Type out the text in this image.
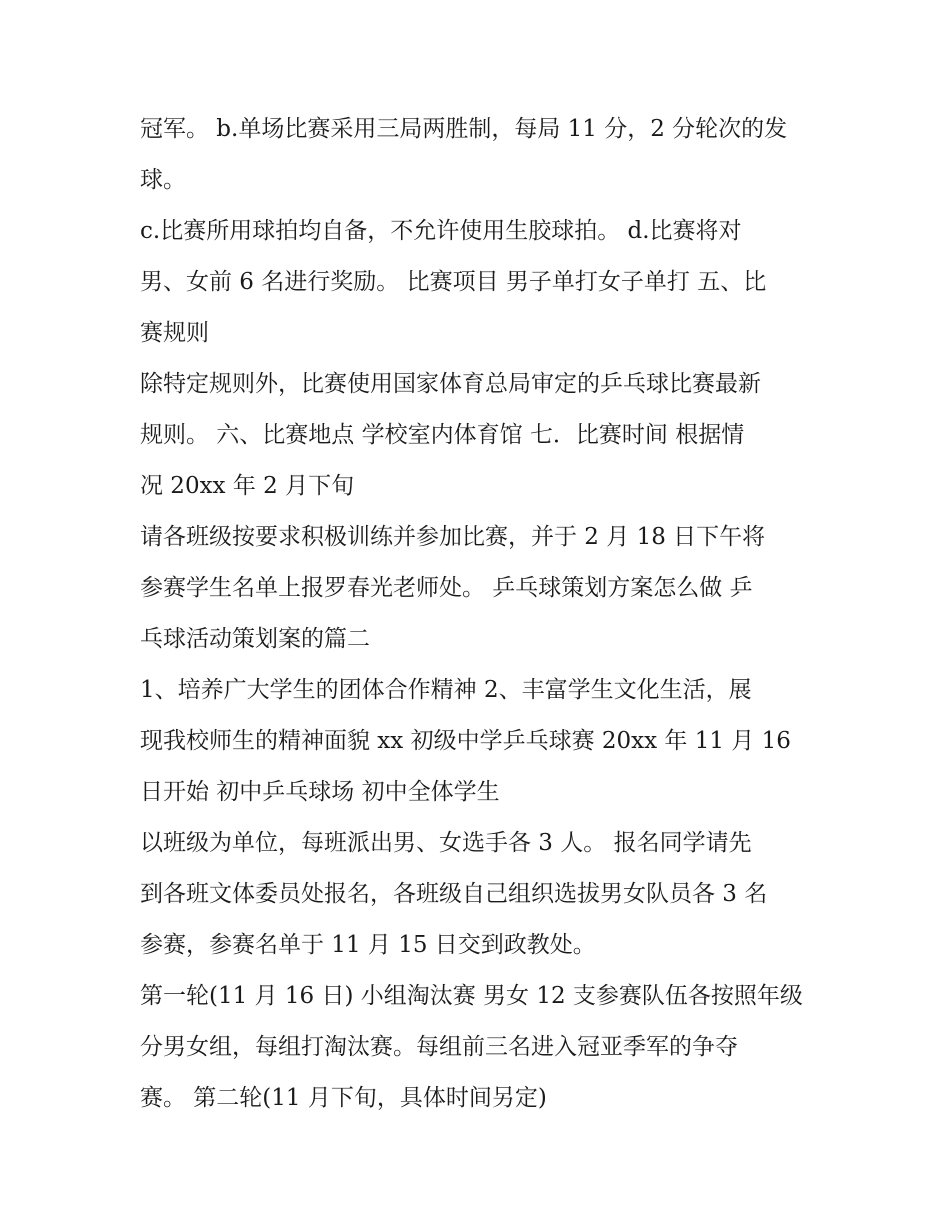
冠军。 b.单场比赛采用三局两胜制，每局 11 分，2 分轮次的发
球。
c.比赛所用球拍均自备，不允许使用生胶球拍。 d.比赛将对
男、女前 6 名进行奖励。 比赛项目 男子单打女子单打 五、比
赛规则
除特定规则外，比赛使用国家体育总局审定的乒乓球比赛最新
规则。 六、比赛地点 学校室内体育馆 七．比赛时间 根据情
况 20xx 年 2 月下旬
请各班级按要求积极训练并参加比赛，并于 2 月 18 日下午将
参赛学生名单上报罗春光老师处。 乒乓球策划方案怎么做 乒
乓球活动策划案的篇二
1、培养广大学生的团体合作精神 2、丰富学生文化生活，展
现我校师生的精神面貌 xx 初级中学乒乓球赛 20xx 年 11 月 16
日开始 初中乒乓球场 初中全体学生
以班级为单位，每班派出男、女选手各 3 人。 报名同学请先
到各班文体委员处报名，各班级自己组织选拔男女队员各 3 名
参赛，参赛名单于 11 月 15 日交到政教处。
第一轮(11 月 16 日) 小组淘汰赛 男女 12 支参赛队伍各按照年级
分男女组，每组打淘汰赛。每组前三名进入冠亚季军的争夺
赛。 第二轮(11 月下旬，具体时间另定)
